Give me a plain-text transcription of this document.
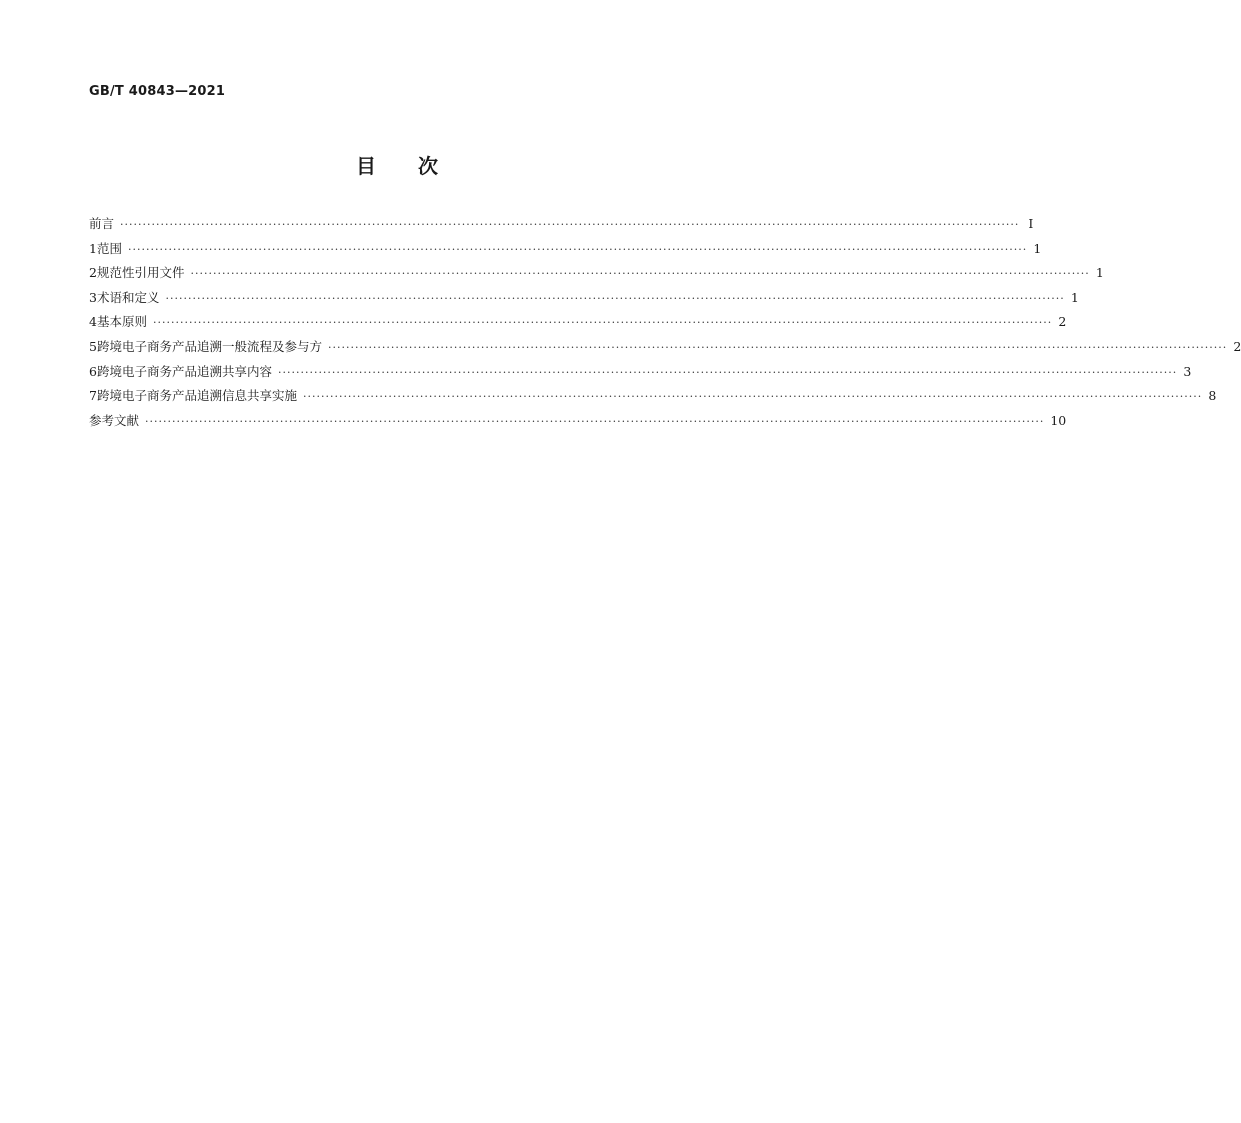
GB/T 40843—2021
目 次
前言 ········································································································································································································ Ⅰ
1 范围 ········································································································································································································ 1
2 规范性引用文件 ········································································································································································································ 1
3 术语和定义 ········································································································································································································ 1
4 基本原则 ········································································································································································································ 2
5 跨境电子商务产品追溯一般流程及参与方 ········································································································································································································ 2
6 跨境电子商务产品追溯共享内容 ········································································································································································································ 3
7 跨境电子商务产品追溯信息共享实施 ········································································································································································································ 8
参考文献 ········································································································································································································ 10
